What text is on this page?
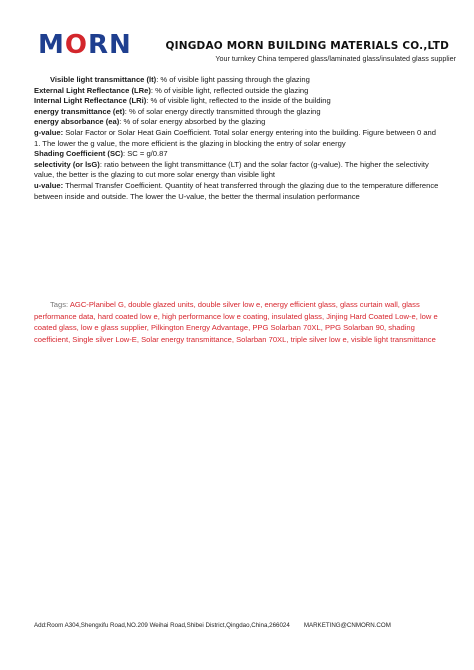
MORN	QINGDAO MORN BUILDING MATERIALS CO.,LTD
Your turnkey China tempered glass/laminated glass/insulated glass supplier

Visible light transmittance (lt): % of visible light passing through the glazing

External Light Reflectance (LRe): % of visible light, reflected outside the glazing

Internal Light Reflectance (LRi): % of visible light, reflected to the inside of the building

energy transmittance (et): % of solar energy directly transmitted through the glazing

energy absorbance (ea): % of solar energy absorbed by the glazing

g-value: Solar Factor or Solar Heat Gain Coefficient. Total solar energy entering into the building. Figure between 0 and 1. The lower the g value, the more efficient is the glazing in blocking the entry of solar energy

Shading Coefficient (SC): SC = g/0.87

selectivity (or lsG): ratio between the light transmittance (LT) and the solar factor (g-value). The higher the selectivity value, the better is the glazing to cut more solar energy than visible light

u-value: Thermal Transfer Coefficient. Quantity of heat transferred through the glazing due to the temperature difference between inside and outside. The lower the U-value, the better the thermal insulation performance

Tags: AGC-Planibel G, double glazed units, double silver low e, energy efficient glass, glass curtain wall, glass performance data, hard coated low e, high performance low e coating, insulated glass, Jinjing Hard Coated Low-e, low e coated glass, low e glass supplier, Pilkington Energy Advantage, PPG Solarban 70XL, PPG Solarban 90, shading coefficient, Single silver Low-E, Solar energy transmittance, Solarban 70XL, triple silver low e, visible light transmittance
Add:Room A304,Shengxifu Road,NO.209 Weihai Road,Shibei District,Qingdao,China,266024 MARKETING@CNMORN.COM
